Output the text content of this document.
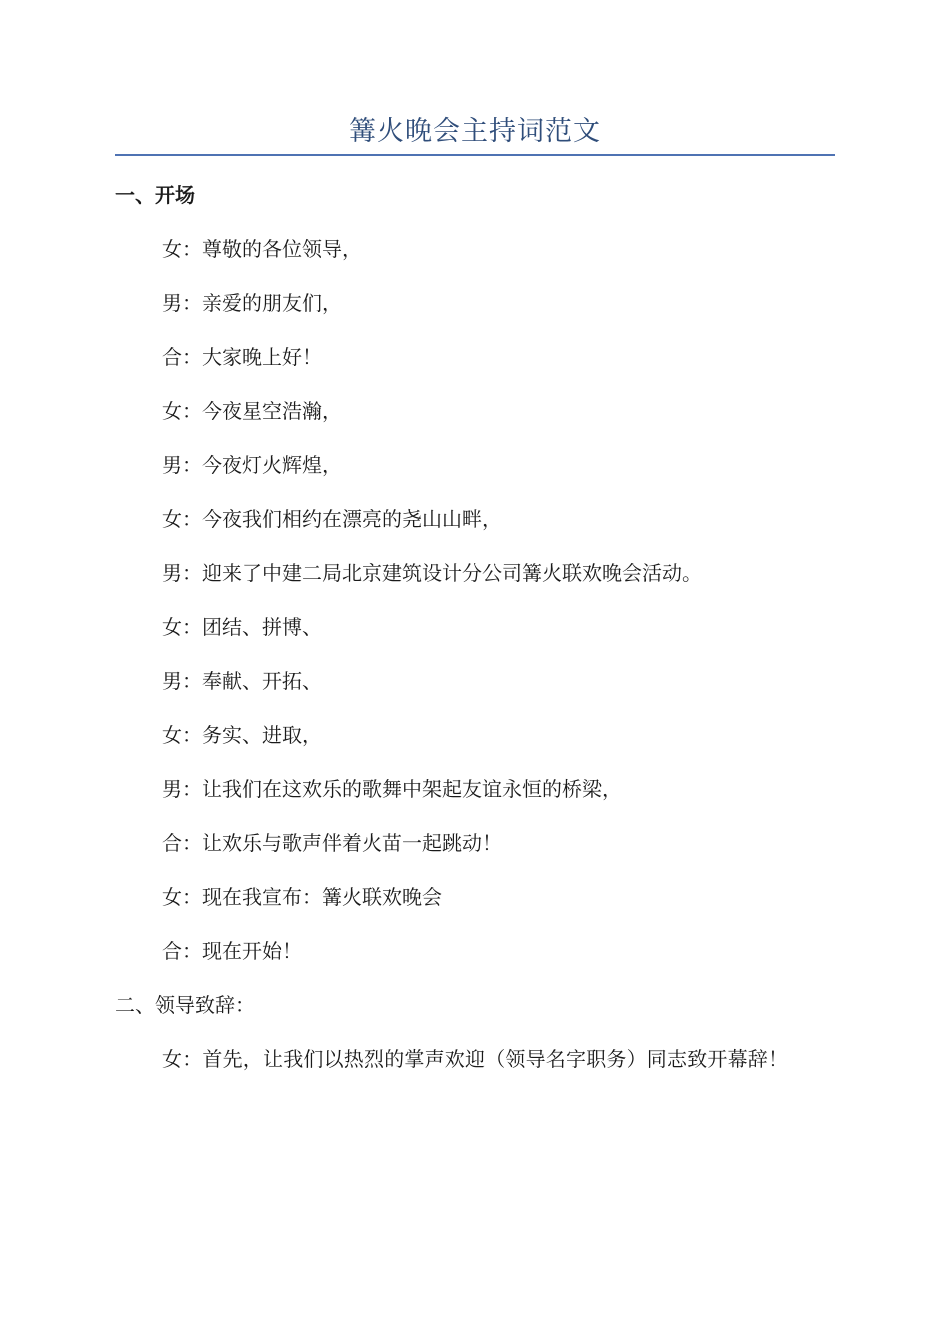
篝火晚会主持词范文
一、开场
女：尊敬的各位领导，
男：亲爱的朋友们，
合：大家晚上好！
女：今夜星空浩瀚，
男：今夜灯火辉煌，
女：今夜我们相约在漂亮的尧山山畔，
男：迎来了中建二局北京建筑设计分公司篝火联欢晚会活动。
女：团结、拼博、
男：奉献、开拓、
女：务实、进取，
男：让我们在这欢乐的歌舞中架起友谊永恒的桥梁，
合：让欢乐与歌声伴着火苗一起跳动！
女：现在我宣布：篝火联欢晚会
合：现在开始！
二、领导致辞：
女：首先，让我们以热烈的掌声欢迎（领导名字职务）同志致开幕辞！
